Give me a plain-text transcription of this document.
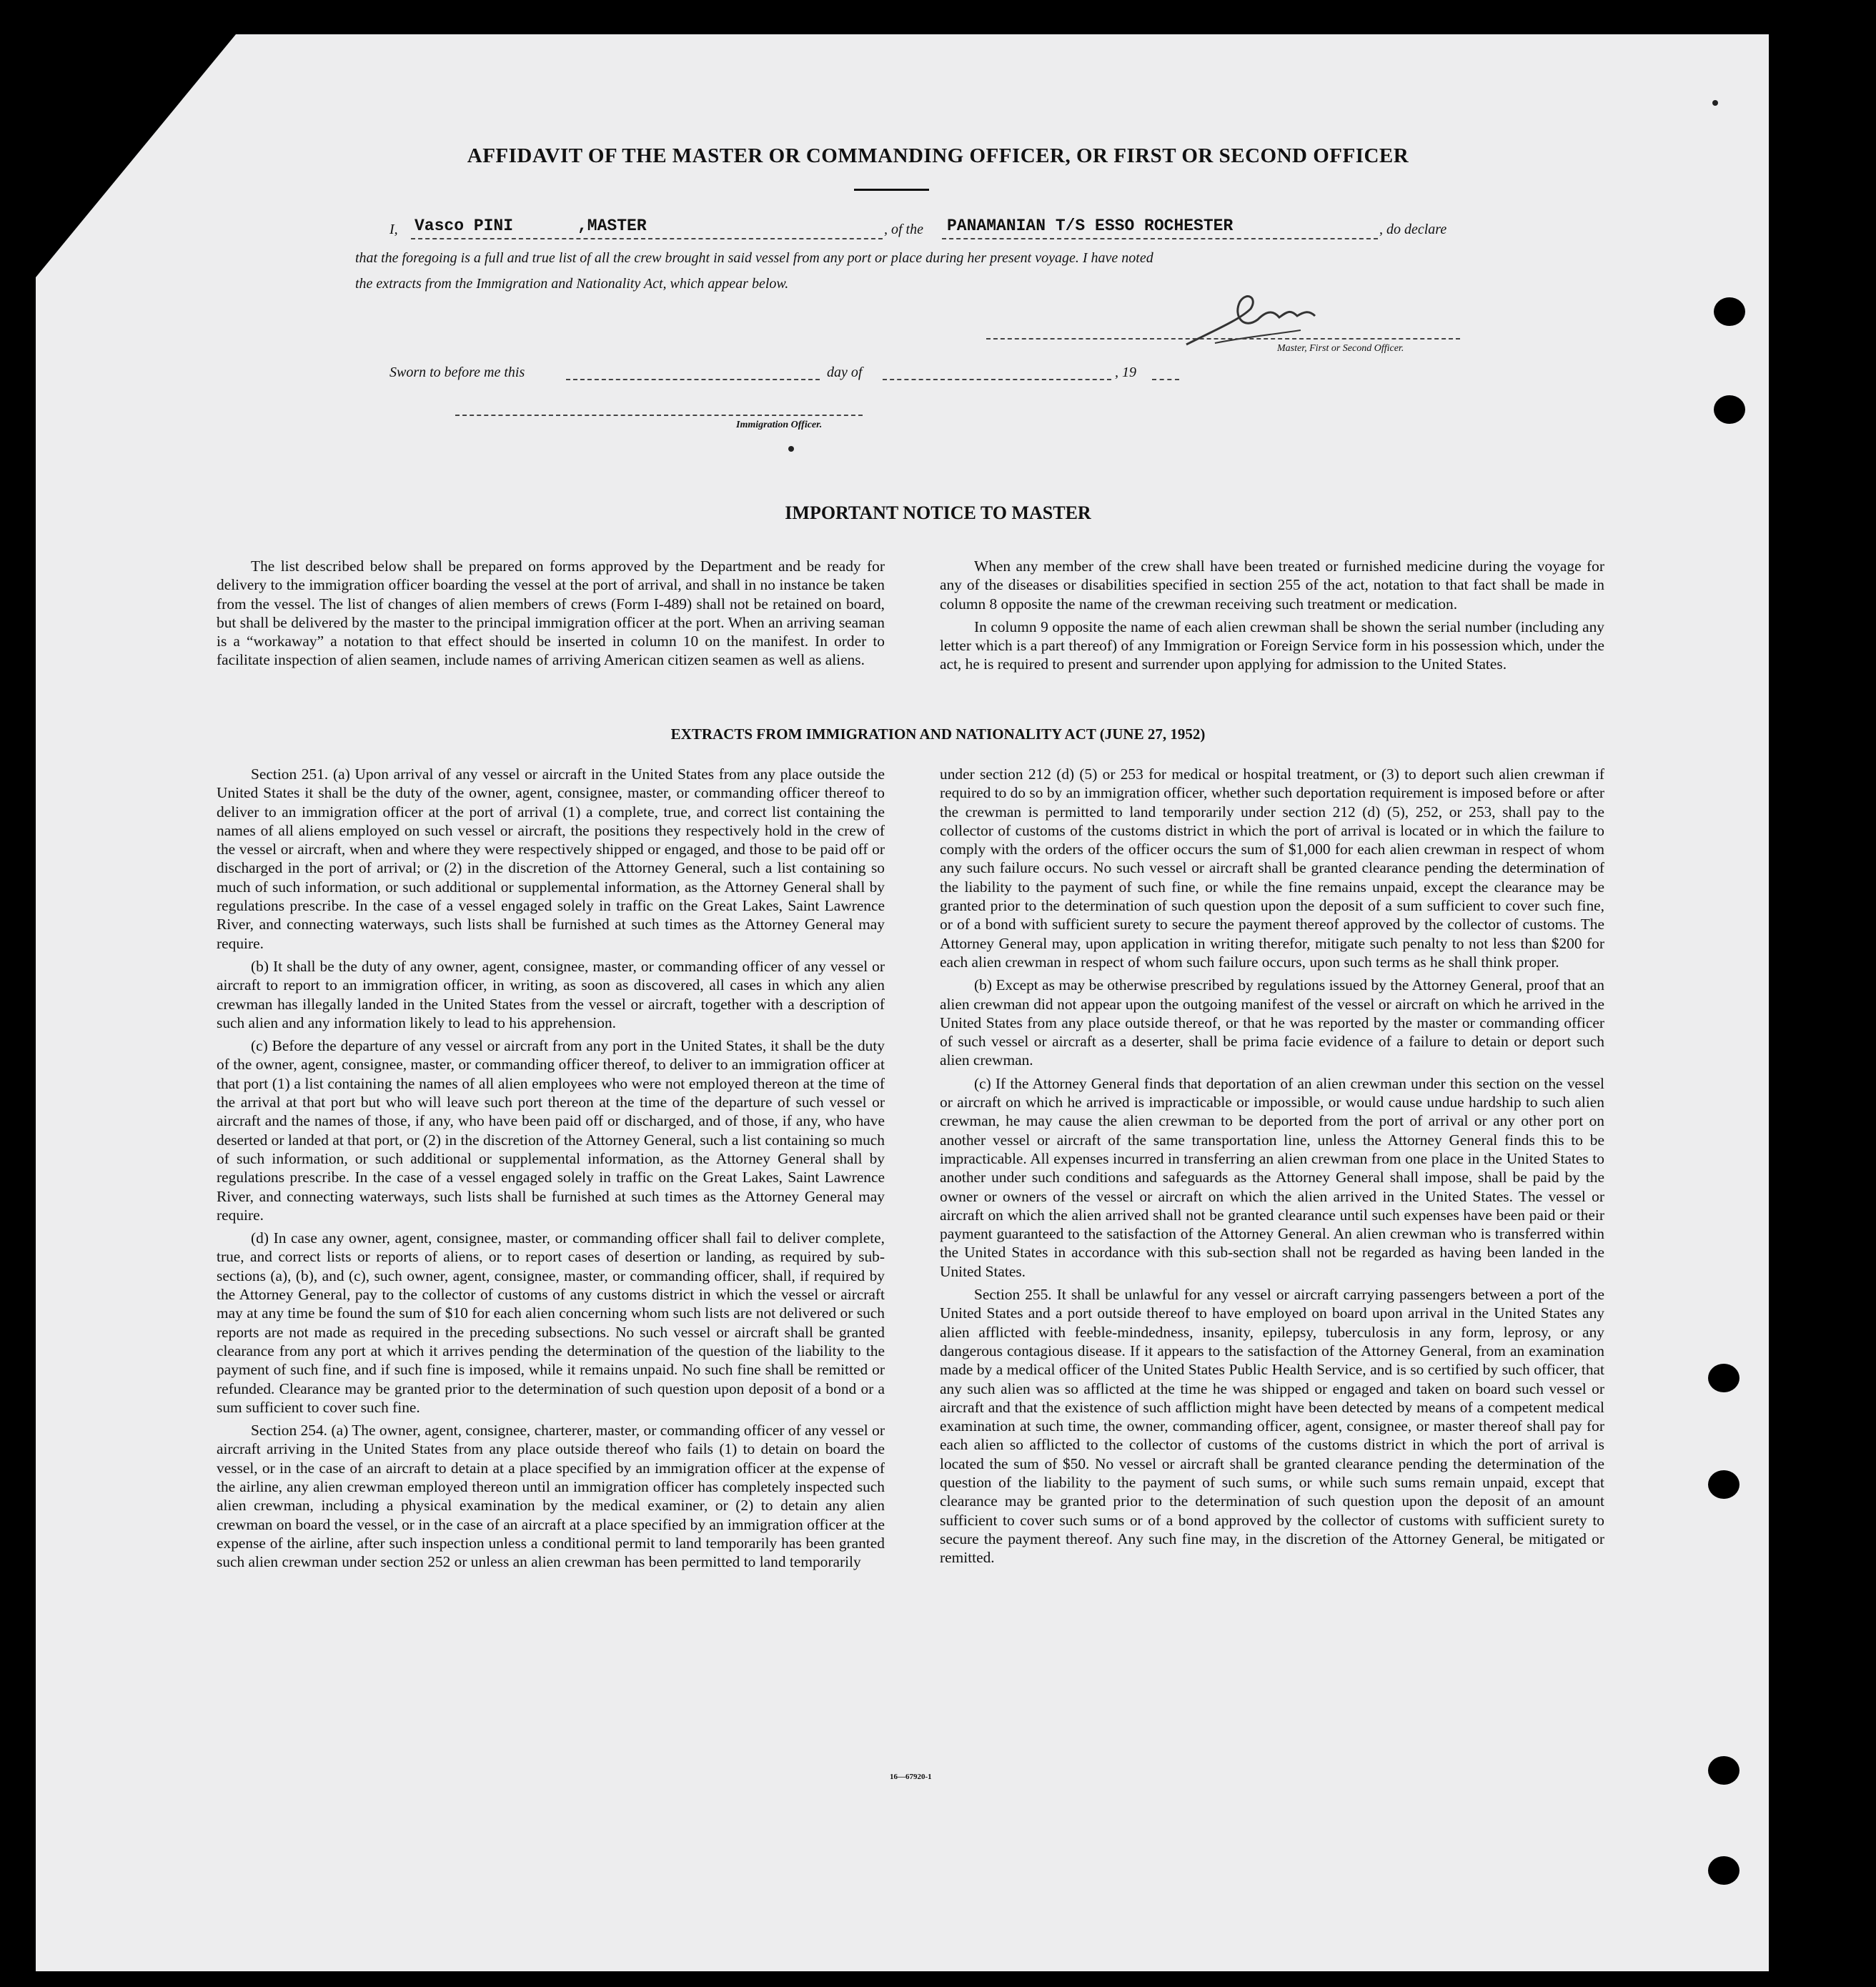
AFFIDAVIT OF THE MASTER OR COMMANDING OFFICER, OR FIRST OR SECOND OFFICER
I, Vasco PINI	,MASTER	, of the PANAMANIAN T/S ESSO ROCHESTER	, do declare
that the foregoing is a full and true list of all the crew brought in said vessel from any port or place during her present voyage. I have noted
the extracts from the Immigration and Nationality Act, which appear below.
Master, First or Second Officer.
Sworn to before me this	day of	, 19
Immigration Officer.
IMPORTANT NOTICE TO MASTER

The list described below shall be prepared on forms approved by the Department and be ready for delivery to the immigration officer boarding the vessel at the port of arrival, and shall in no instance be taken from the vessel. The list of changes of alien members of crews (Form I-489) shall not be retained on board, but shall be delivered by the master to the principal immigration officer at the port. When an arriving seaman is a “workaway” a notation to that effect should be inserted in column 10 on the manifest. In order to facilitate inspection of alien seamen, include names of arriving American citizen seamen as well as aliens.

When any member of the crew shall have been treated or furnished medicine during the voyage for any of the diseases or disabilities specified in section 255 of the act, notation to that fact shall be made in column 8 opposite the name of the crewman receiving such treatment or medication.

In column 9 opposite the name of each alien crewman shall be shown the serial number (including any letter which is a part thereof) of any Immigration or Foreign Service form in his possession which, under the act, he is required to present and surrender upon applying for admission to the United States.

EXTRACTS FROM IMMIGRATION AND NATIONALITY ACT (JUNE 27, 1952)

Section 251. (a) Upon arrival of any vessel or aircraft in the United States from any place outside the United States it shall be the duty of the owner, agent, consignee, master, or commanding officer thereof to deliver to an immigration officer at the port of arrival (1) a complete, true, and correct list containing the names of all aliens employed on such vessel or aircraft, the positions they respectively hold in the crew of the vessel or aircraft, when and where they were respectively shipped or engaged, and those to be paid off or discharged in the port of arrival; or (2) in the discretion of the Attorney General, such a list containing so much of such information, or such additional or supplemental information, as the Attorney General shall by regulations prescribe. In the case of a vessel engaged solely in traffic on the Great Lakes, Saint Lawrence River, and connecting waterways, such lists shall be furnished at such times as the Attorney General may require.

(b) It shall be the duty of any owner, agent, consignee, master, or commanding officer of any vessel or aircraft to report to an immigration officer, in writing, as soon as discovered, all cases in which any alien crewman has illegally landed in the United States from the vessel or aircraft, together with a description of such alien and any information likely to lead to his apprehension.

(c) Before the departure of any vessel or aircraft from any port in the United States, it shall be the duty of the owner, agent, consignee, master, or commanding officer thereof, to deliver to an immigration officer at that port (1) a list containing the names of all alien employees who were not employed thereon at the time of the arrival at that port but who will leave such port thereon at the time of the departure of such vessel or aircraft and the names of those, if any, who have been paid off or discharged, and of those, if any, who have deserted or landed at that port, or (2) in the discretion of the Attorney General, such a list containing so much of such information, or such additional or supplemental information, as the Attorney General shall by regulations prescribe. In the case of a vessel engaged solely in traffic on the Great Lakes, Saint Lawrence River, and connecting waterways, such lists shall be furnished at such times as the Attorney General may require.

(d) In case any owner, agent, consignee, master, or commanding officer shall fail to deliver complete, true, and correct lists or reports of aliens, or to report cases of desertion or landing, as required by sub-sections (a), (b), and (c), such owner, agent, consignee, master, or commanding officer, shall, if required by the Attorney General, pay to the collector of customs of any customs district in which the vessel or aircraft may at any time be found the sum of $10 for each alien concerning whom such lists are not delivered or such reports are not made as required in the preceding subsections. No such vessel or aircraft shall be granted clearance from any port at which it arrives pending the determination of the question of the liability to the payment of such fine, and if such fine is imposed, while it remains unpaid. No such fine shall be remitted or refunded. Clearance may be granted prior to the determination of such question upon deposit of a bond or a sum sufficient to cover such fine.

Section 254. (a) The owner, agent, consignee, charterer, master, or commanding officer of any vessel or aircraft arriving in the United States from any place outside thereof who fails (1) to detain on board the vessel, or in the case of an aircraft to detain at a place specified by an immigration officer at the expense of the airline, any alien crewman employed thereon until an immigration officer has completely inspected such alien crewman, including a physical examination by the medical examiner, or (2) to detain any alien crewman on board the vessel, or in the case of an aircraft at a place specified by an immigration officer at the expense of the airline, after such inspection unless a conditional permit to land temporarily has been granted such alien crewman under section 252 or unless an alien crewman has been permitted to land temporarily

under section 212 (d) (5) or 253 for medical or hospital treatment, or (3) to deport such alien crewman if required to do so by an immigration officer, whether such deportation requirement is imposed before or after the crewman is permitted to land temporarily under section 212 (d) (5), 252, or 253, shall pay to the collector of customs of the customs district in which the port of arrival is located or in which the failure to comply with the orders of the officer occurs the sum of $1,000 for each alien crewman in respect of whom any such failure occurs. No such vessel or aircraft shall be granted clearance pending the determination of the liability to the payment of such fine, or while the fine remains unpaid, except the clearance may be granted prior to the determination of such question upon the deposit of a sum sufficient to cover such fine, or of a bond with sufficient surety to secure the payment thereof approved by the collector of customs. The Attorney General may, upon application in writing therefor, mitigate such penalty to not less than $200 for each alien crewman in respect of whom such failure occurs, upon such terms as he shall think proper.

(b) Except as may be otherwise prescribed by regulations issued by the Attorney General, proof that an alien crewman did not appear upon the outgoing manifest of the vessel or aircraft on which he arrived in the United States from any place outside thereof, or that he was reported by the master or commanding officer of such vessel or aircraft as a deserter, shall be prima facie evidence of a failure to detain or deport such alien crewman.

(c) If the Attorney General finds that deportation of an alien crewman under this section on the vessel or aircraft on which he arrived is impracticable or impossible, or would cause undue hardship to such alien crewman, he may cause the alien crewman to be deported from the port of arrival or any other port on another vessel or aircraft of the same transportation line, unless the Attorney General finds this to be impracticable. All expenses incurred in transferring an alien crewman from one place in the United States to another under such conditions and safeguards as the Attorney General shall impose, shall be paid by the owner or owners of the vessel or aircraft on which the alien arrived in the United States. The vessel or aircraft on which the alien arrived shall not be granted clearance until such expenses have been paid or their payment guaranteed to the satisfaction of the Attorney General. An alien crewman who is transferred within the United States in accordance with this sub-section shall not be regarded as having been landed in the United States.

Section 255. It shall be unlawful for any vessel or aircraft carrying passengers between a port of the United States and a port outside thereof to have employed on board upon arrival in the United States any alien afflicted with feeble-mindedness, insanity, epilepsy, tuberculosis in any form, leprosy, or any dangerous contagious disease. If it appears to the satisfaction of the Attorney General, from an examination made by a medical officer of the United States Public Health Service, and is so certified by such officer, that any such alien was so afflicted at the time he was shipped or engaged and taken on board such vessel or aircraft and that the existence of such affliction might have been detected by means of a competent medical examination at such time, the owner, commanding officer, agent, consignee, or master thereof shall pay for each alien so afflicted to the collector of customs of the customs district in which the port of arrival is located the sum of $50. No vessel or aircraft shall be granted clearance pending the determination of the question of the liability to the payment of such sums, or while such sums remain unpaid, except that clearance may be granted prior to the determination of such question upon the deposit of an amount sufficient to cover such sums or of a bond approved by the collector of customs with sufficient surety to secure the payment thereof. Any such fine may, in the discretion of the Attorney General, be mitigated or remitted.

16—67920-1
